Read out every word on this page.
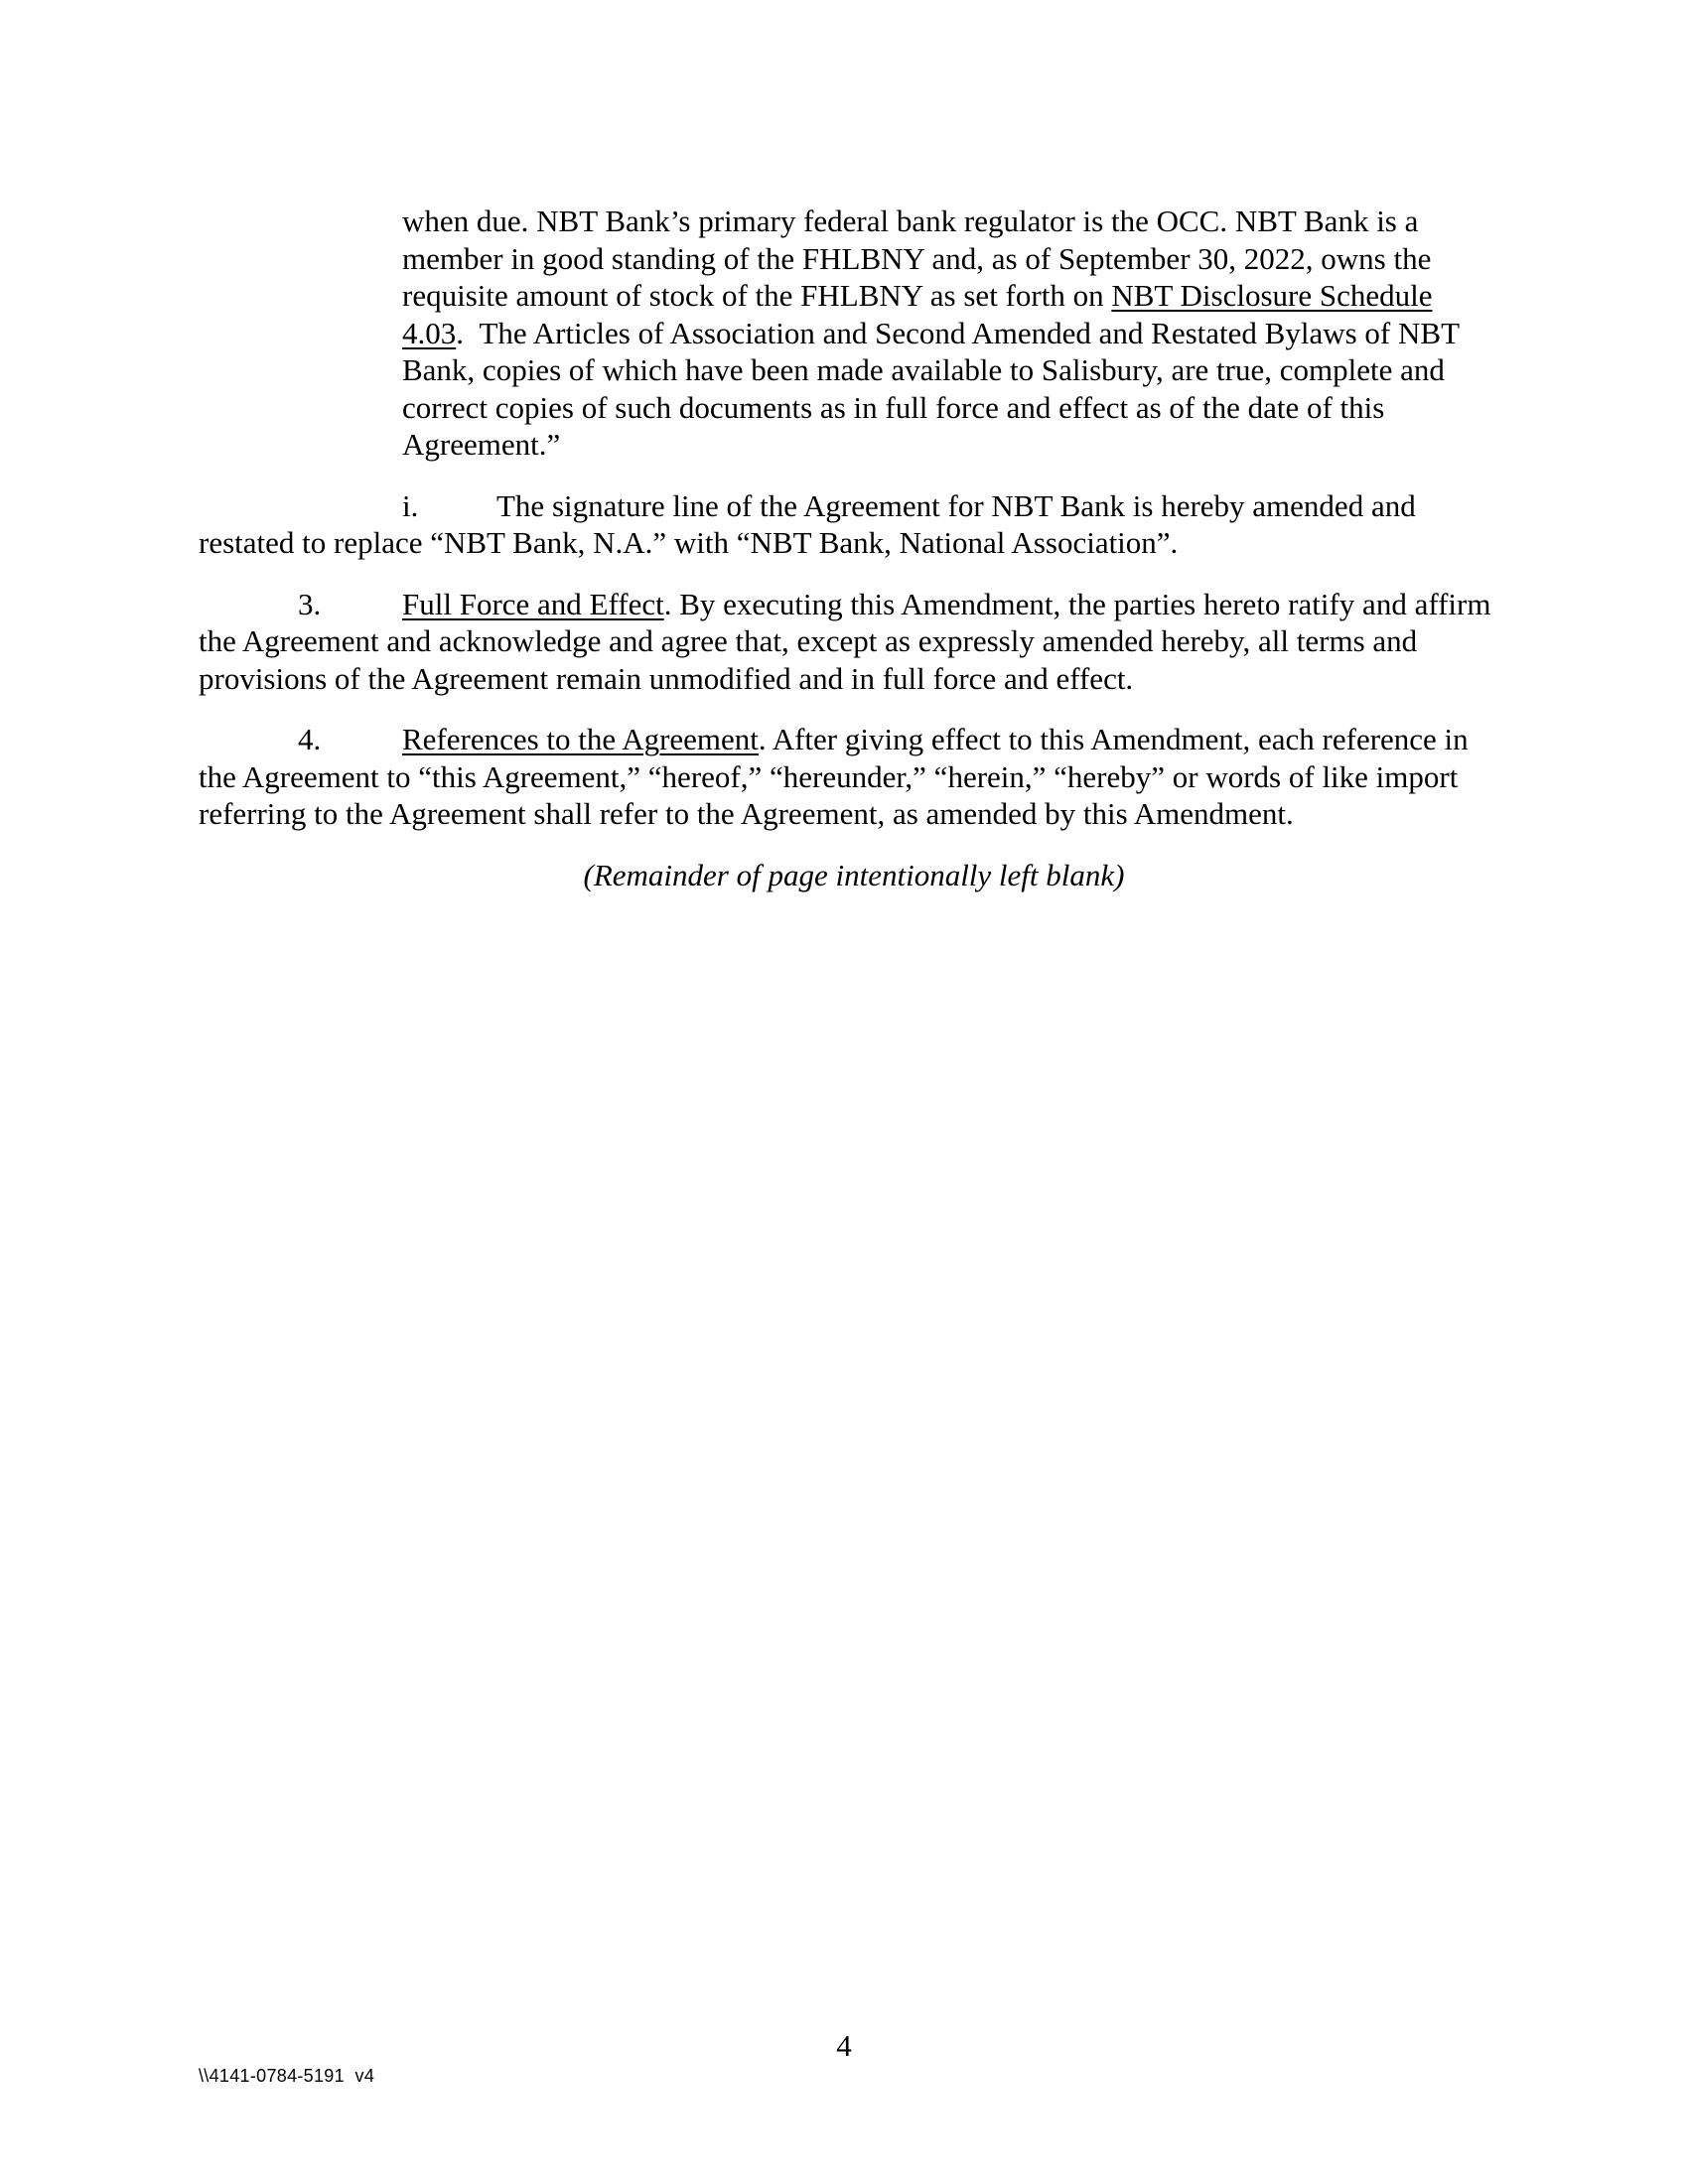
when due. NBT Bank’s primary federal bank regulator is the OCC. NBT Bank is a member in good standing of the FHLBNY and, as of September 30, 2022, owns the requisite amount of stock of the FHLBNY as set forth on NBT Disclosure Schedule 4.03.  The Articles of Association and Second Amended and Restated Bylaws of NBT Bank, copies of which have been made available to Salisbury, are true, complete and correct copies of such documents as in full force and effect as of the date of this Agreement.”

i.	The signature line of the Agreement for NBT Bank is hereby amended and restated to replace “NBT Bank, N.A.” with “NBT Bank, National Association”.

3.	Full Force and Effect. By executing this Amendment, the parties hereto ratify and affirm the Agreement and acknowledge and agree that, except as expressly amended hereby, all terms and provisions of the Agreement remain unmodified and in full force and effect.

4.	References to the Agreement. After giving effect to this Amendment, each reference in the Agreement to “this Agreement,” “hereof,” “hereunder,” “herein,” “hereby” or words of like import referring to the Agreement shall refer to the Agreement, as amended by this Amendment.

(Remainder of page intentionally left blank)

4
\\4141-0784-5191  v4
